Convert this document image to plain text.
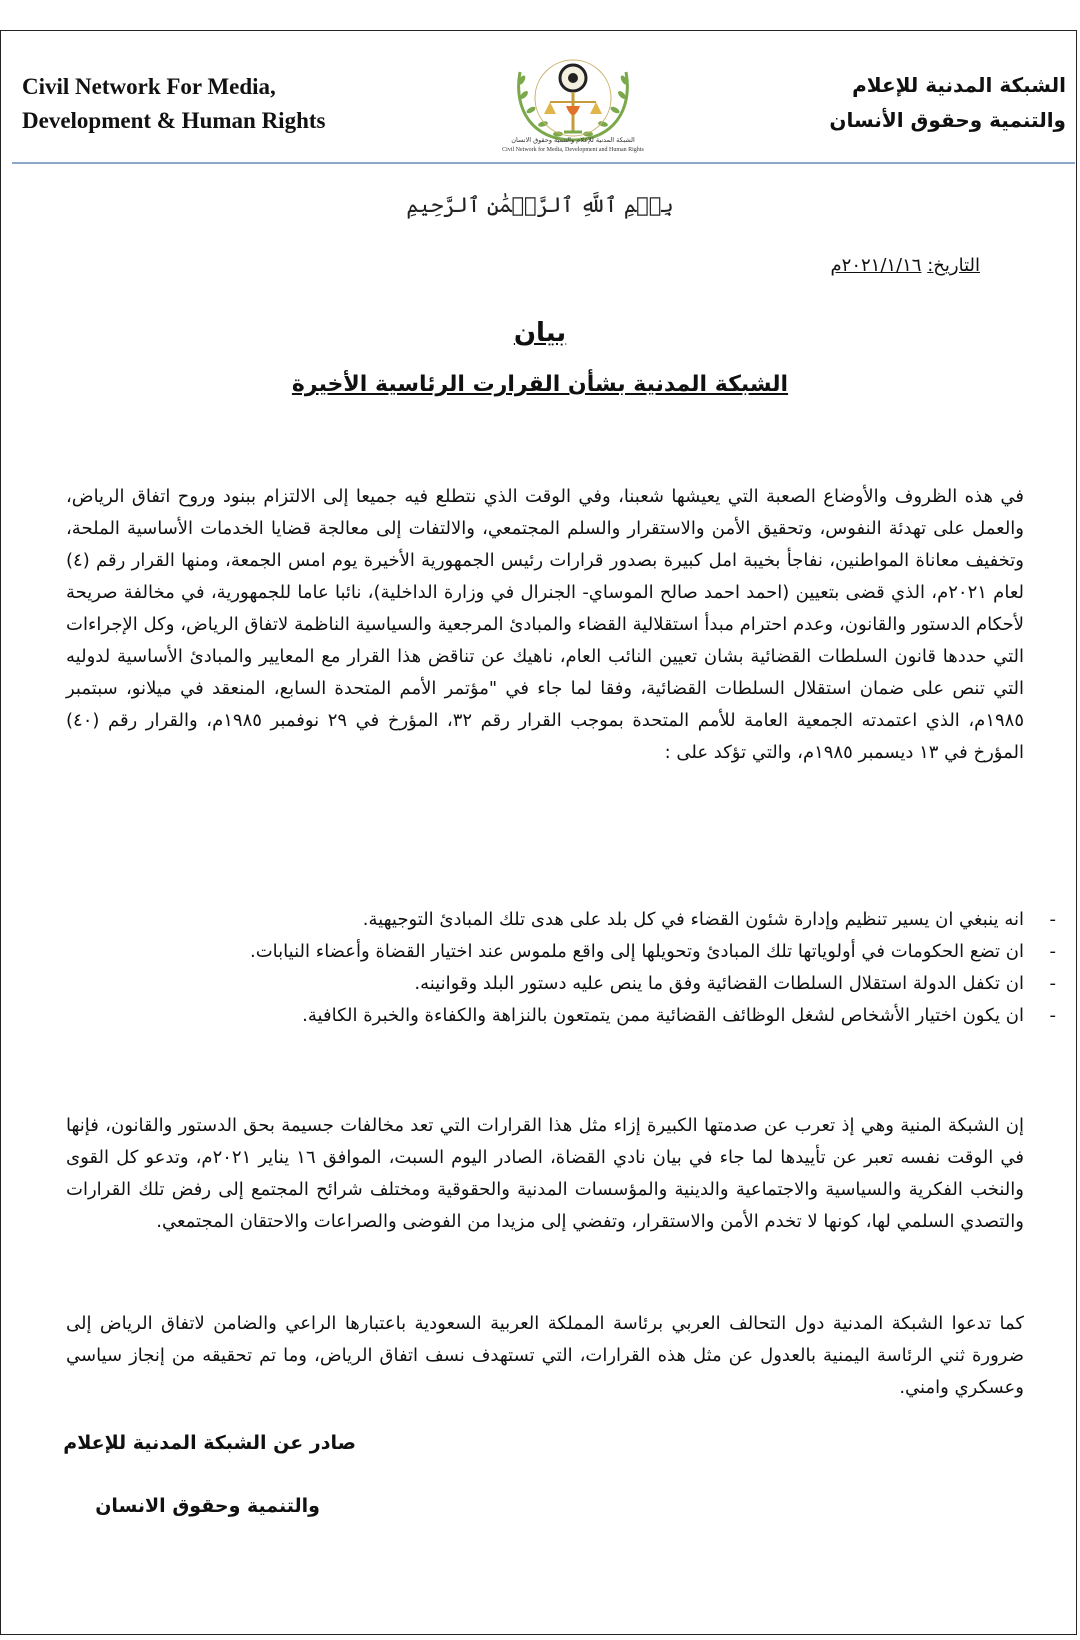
Civil Network For Media,
Development & Human Rights
الشبكة المدنية للإعلام والتنمية وحقوق الانسان
Civil Network for Media, Development and Human Rights
الشبكة المدنية للإعلام
والتنمية وحقوق الأنسان
بِسۡمِ ٱللَّهِ ٱلرَّحۡمَٰنِ ٱلرَّحِيمِ
التاريخ: ٢٠٢١/١/١٦م
بيان
الشبكة المدنية بشأن القرارت الرئاسية الأخيرة
في هذه الظروف والأوضاع الصعبة التي يعيشها شعبنا، وفي الوقت الذي نتطلع فيه جميعا إلى الالتزام ببنود وروح اتفاق الرياض، والعمل على تهدئة النفوس، وتحقيق الأمن والاستقرار والسلم المجتمعي، والالتفات إلى معالجة قضايا الخدمات الأساسية الملحة، وتخفيف معاناة المواطنين، نفاجأ بخيبة امل كبيرة بصدور قرارات رئيس الجمهورية الأخيرة يوم امس الجمعة، ومنها القرار رقم (٤) لعام ٢٠٢١م، الذي قضى بتعيين (احمد احمد صالح الموساي- الجنرال في وزارة الداخلية)، نائبا عاما للجمهورية، في مخالفة صريحة لأحكام الدستور والقانون، وعدم احترام مبدأ استقلالية القضاء والمبادئ المرجعية والسياسية الناظمة لاتفاق الرياض، وكل الإجراءات التي حددها قانون السلطات القضائية بشان تعيين النائب العام، ناهيك عن تناقض هذا القرار مع المعايير والمبادئ الأساسية لدوليه التي تنص على ضمان استقلال السلطات القضائية، وفقا لما جاء في "مؤتمر الأمم المتحدة السابع، المنعقد في ميلانو، سبتمبر ١٩٨٥م، الذي اعتمدته الجمعية العامة للأمم المتحدة بموجب القرار رقم ٣٢، المؤرخ في ٢٩ نوفمبر ١٩٨٥م، والقرار رقم (٤٠) المؤرخ في ١٣ ديسمبر ١٩٨٥م، والتي تؤكد على :
- انه ينبغي ان يسير تنظيم وإدارة شئون القضاء في كل بلد على هدى تلك المبادئ التوجيهية.
- ان تضع الحكومات في أولوياتها تلك المبادئ وتحويلها إلى واقع ملموس عند اختيار القضاة وأعضاء النيابات.
- ان تكفل الدولة استقلال السلطات القضائية وفق ما ينص عليه دستور البلد وقوانينه.
- ان يكون اختيار الأشخاص لشغل الوظائف القضائية ممن يتمتعون بالنزاهة والكفاءة والخبرة الكافية.
إن الشبكة المنية وهي إذ تعرب عن صدمتها الكبيرة إزاء مثل هذا القرارات التي تعد مخالفات جسيمة بحق الدستور والقانون، فإنها في الوقت نفسه تعبر عن تأييدها لما جاء في بيان نادي القضاة، الصادر اليوم السبت، الموافق ١٦ يناير ٢٠٢١م، وتدعو كل القوى والنخب الفكرية والسياسية والاجتماعية والدينية والمؤسسات المدنية والحقوقية ومختلف شرائح المجتمع إلى رفض تلك القرارات والتصدي السلمي لها، كونها لا تخدم الأمن والاستقرار، وتفضي إلى مزيدا من الفوضى والصراعات والاحتقان المجتمعي.
كما تدعوا الشبكة المدنية دول التحالف العربي برئاسة المملكة العربية السعودية باعتبارها الراعي والضامن لاتفاق الرياض إلى ضرورة ثني الرئاسة اليمنية بالعدول عن مثل هذه القرارات، التي تستهدف نسف اتفاق الرياض، وما تم تحقيقه من إنجاز سياسي وعسكري وامني.
صادر عن الشبكة المدنية للإعلام
والتنمية وحقوق الانسان
